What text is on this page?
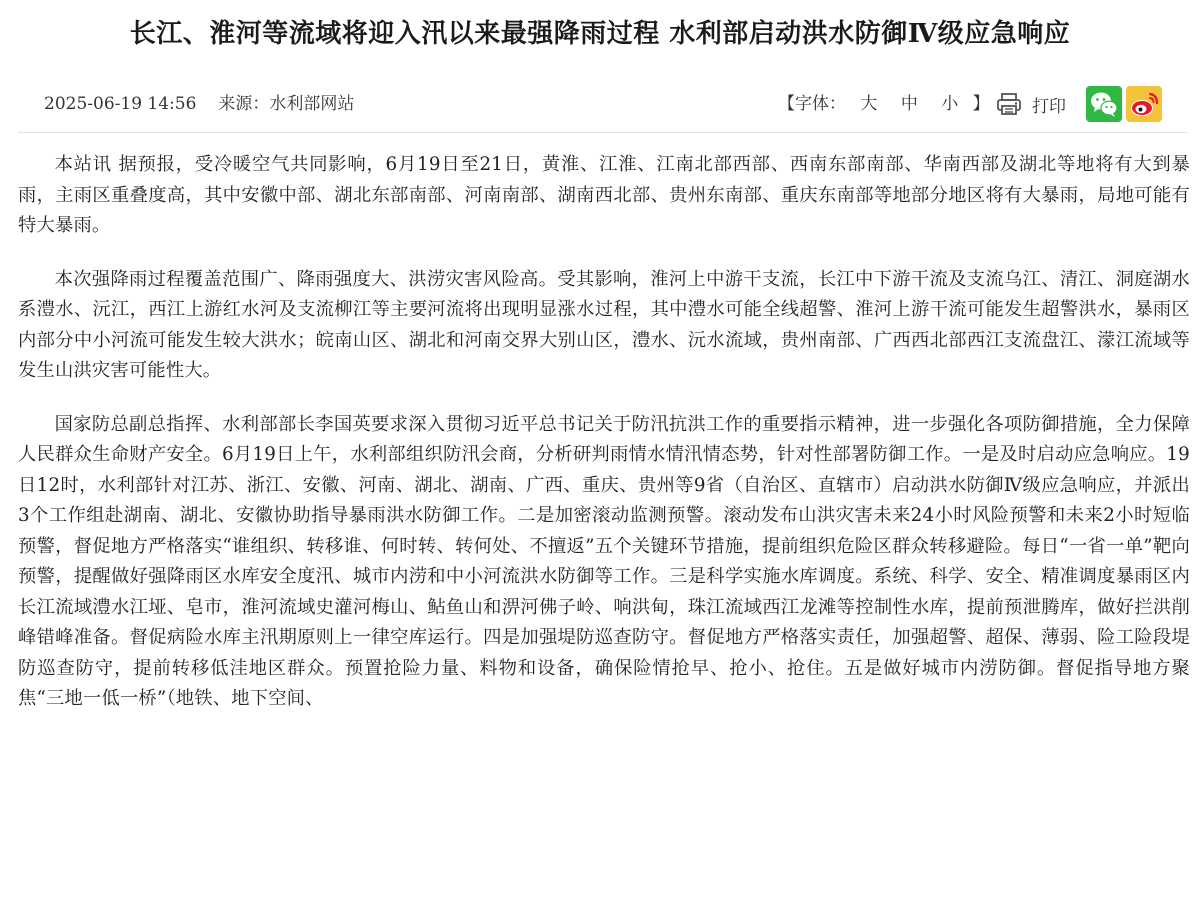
长江、淮河等流域将迎入汛以来最强降雨过程 水利部启动洪水防御Ⅳ级应急响应
2025-06-19 14:56 来源：水利部网站	【字体： 大 中 小 】 打印

本站讯 据预报，受冷暖空气共同影响，6月19日至21日，黄淮、江淮、江南北部西部、西南东部南部、华南西部及湖北等地将有大到暴雨，主雨区重叠度高，其中安徽中部、湖北东部南部、河南南部、湖南西北部、贵州东南部、重庆东南部等地部分地区将有大暴雨，局地可能有特大暴雨。

本次强降雨过程覆盖范围广、降雨强度大、洪涝灾害风险高。受其影响，淮河上中游干支流，长江中下游干流及支流乌江、清江、洞庭湖水系澧水、沅江，西江上游红水河及支流柳江等主要河流将出现明显涨水过程，其中澧水可能全线超警、淮河上游干流可能发生超警洪水，暴雨区内部分中小河流可能发生较大洪水；皖南山区、湖北和河南交界大别山区，澧水、沅水流域，贵州南部、广西西北部西江支流盘江、濛江流域等发生山洪灾害可能性大。

国家防总副总指挥、水利部部长李国英要求深入贯彻习近平总书记关于防汛抗洪工作的重要指示精神，进一步强化各项防御措施，全力保障人民群众生命财产安全。6月19日上午，水利部组织防汛会商，分析研判雨情水情汛情态势，针对性部署防御工作。一是及时启动应急响应。19日12时，水利部针对江苏、浙江、安徽、河南、湖北、湖南、广西、重庆、贵州等9省（自治区、直辖市）启动洪水防御Ⅳ级应急响应，并派出3个工作组赴湖南、湖北、安徽协助指导暴雨洪水防御工作。二是加密滚动监测预警。滚动发布山洪灾害未来24小时风险预警和未来2小时短临预警，督促地方严格落实“谁组织、转移谁、何时转、转何处、不擅返”五个关键环节措施，提前组织危险区群众转移避险。每日“一省一单”靶向预警，提醒做好强降雨区水库安全度汛、城市内涝和中小河流洪水防御等工作。三是科学实施水库调度。系统、科学、安全、精准调度暴雨区内长江流域澧水江垭、皂市，淮河流域史灌河梅山、鲇鱼山和淠河佛子岭、响洪甸，珠江流域西江龙滩等控制性水库，提前预泄腾库，做好拦洪削峰错峰准备。督促病险水库主汛期原则上一律空库运行。四是加强堤防巡查防守。督促地方严格落实责任，加强超警、超保、薄弱、险工险段堤防巡查防守，提前转移低洼地区群众。预置抢险力量、料物和设备，确保险情抢早、抢小、抢住。五是做好城市内涝防御。督促指导地方聚焦“三地一低一桥”（地铁、地下空间、
